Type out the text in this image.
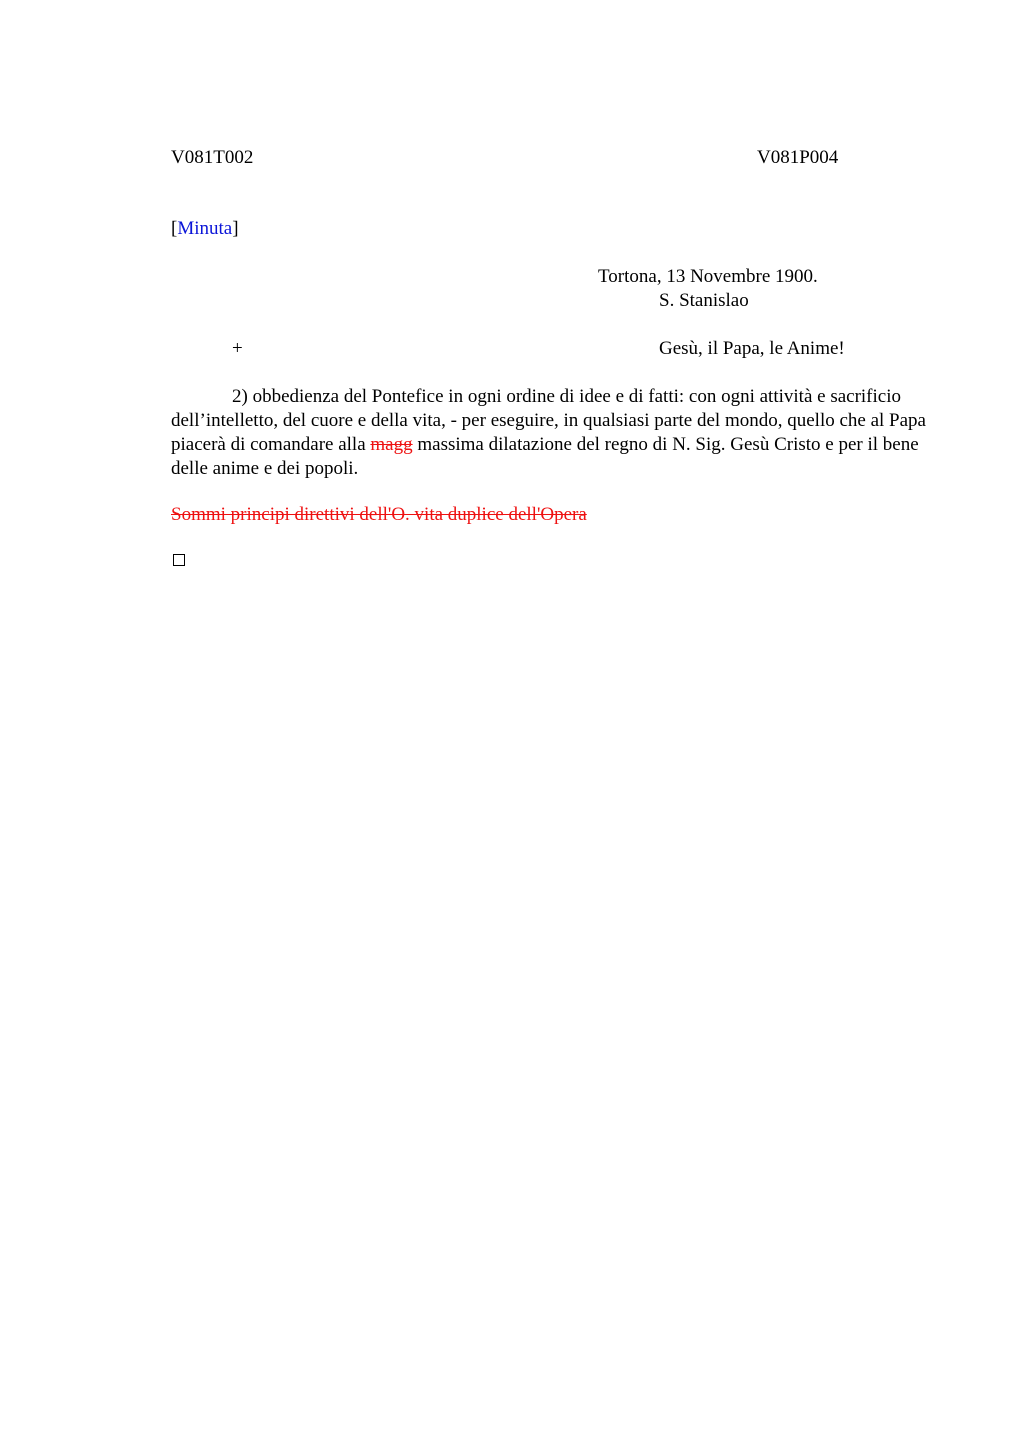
V081T002	V081P004
[Minuta]
Tortona, 13 Novembre 1900.
S. Stanislao
+	Gesù, il Papa, le Anime!
2) obbedienza del Pontefice in ogni ordine di idee e di fatti: con ogni attività e sacrificio dell’intelletto, del cuore e della vita, - per eseguire, in qualsiasi parte del mondo, quello che al Papa piacerà di comandare alla magg massima dilatazione del regno di N. Sig. Gesù Cristo e per il bene delle anime e dei popoli.
Sommi principi direttivi dell'O. vita duplice dell'Opera
